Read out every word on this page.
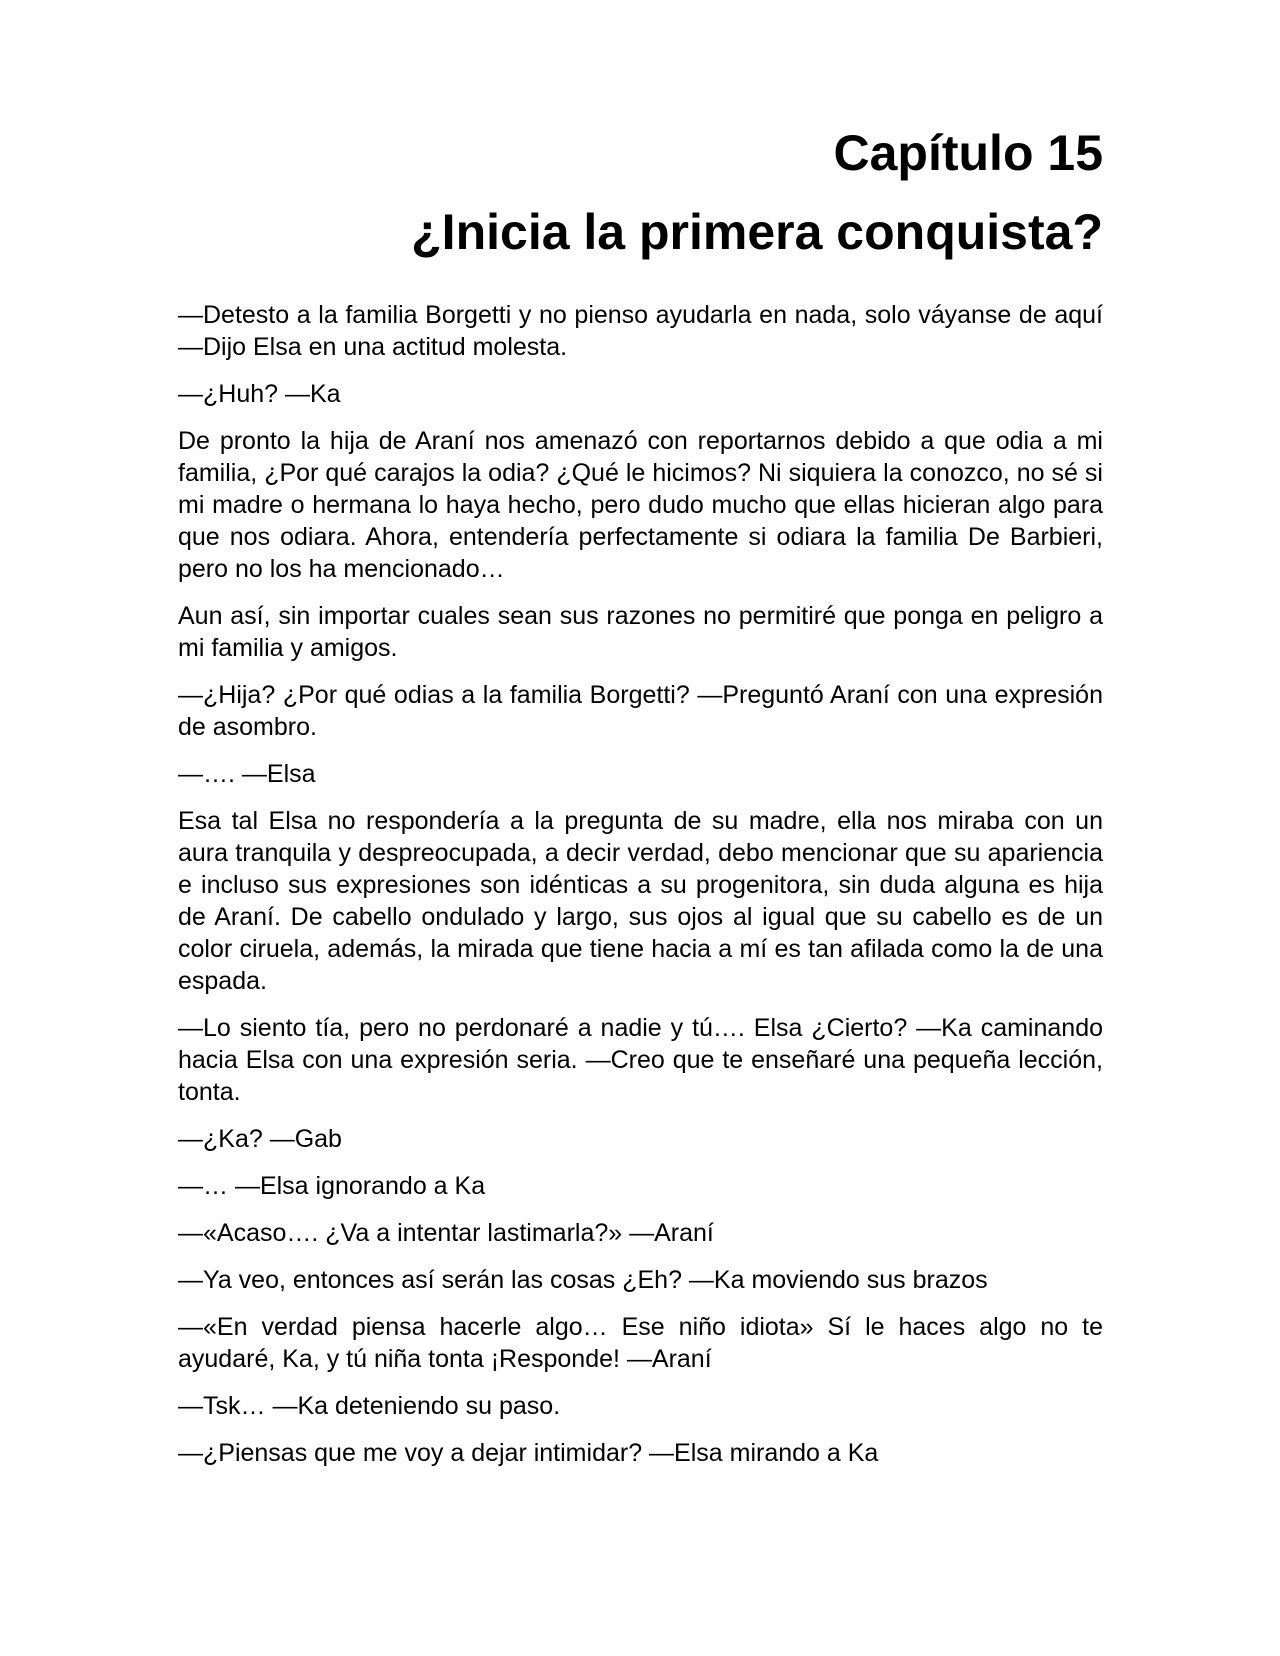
Capítulo 15
¿Inicia la primera conquista?

—Detesto a la familia Borgetti y no pienso ayudarla en nada, solo váyanse de aquí —Dijo Elsa en una actitud molesta.

—¿Huh? —Ka

De pronto la hija de Araní nos amenazó con reportarnos debido a que odia a mi familia, ¿Por qué carajos la odia? ¿Qué le hicimos? Ni siquiera la conozco, no sé si mi madre o hermana lo haya hecho, pero dudo mucho que ellas hicieran algo para que nos odiara. Ahora, entendería perfectamente si odiara la familia De Barbieri, pero no los ha mencionado…

Aun así, sin importar cuales sean sus razones no permitiré que ponga en peligro a mi familia y amigos.

—¿Hija? ¿Por qué odias a la familia Borgetti? —Preguntó Araní con una expresión de asombro.

—…. —Elsa

Esa tal Elsa no respondería a la pregunta de su madre, ella nos miraba con un aura tranquila y despreocupada, a decir verdad, debo mencionar que su apariencia e incluso sus expresiones son idénticas a su progenitora, sin duda alguna es hija de Araní. De cabello ondulado y largo, sus ojos al igual que su cabello es de un color ciruela, además, la mirada que tiene hacia a mí es tan afilada como la de una espada.

—Lo siento tía, pero no perdonaré a nadie y tú…. Elsa ¿Cierto? —Ka caminando hacia Elsa con una expresión seria. —Creo que te enseñaré una pequeña lección, tonta.

—¿Ka? —Gab

—… —Elsa ignorando a Ka

—«Acaso…. ¿Va a intentar lastimarla?» —Araní

—Ya veo, entonces así serán las cosas ¿Eh? —Ka moviendo sus brazos

—«En verdad piensa hacerle algo… Ese niño idiota» Sí le haces algo no te ayudaré, Ka, y tú niña tonta ¡Responde! —Araní

—Tsk… —Ka deteniendo su paso.

—¿Piensas que me voy a dejar intimidar? —Elsa mirando a Ka
